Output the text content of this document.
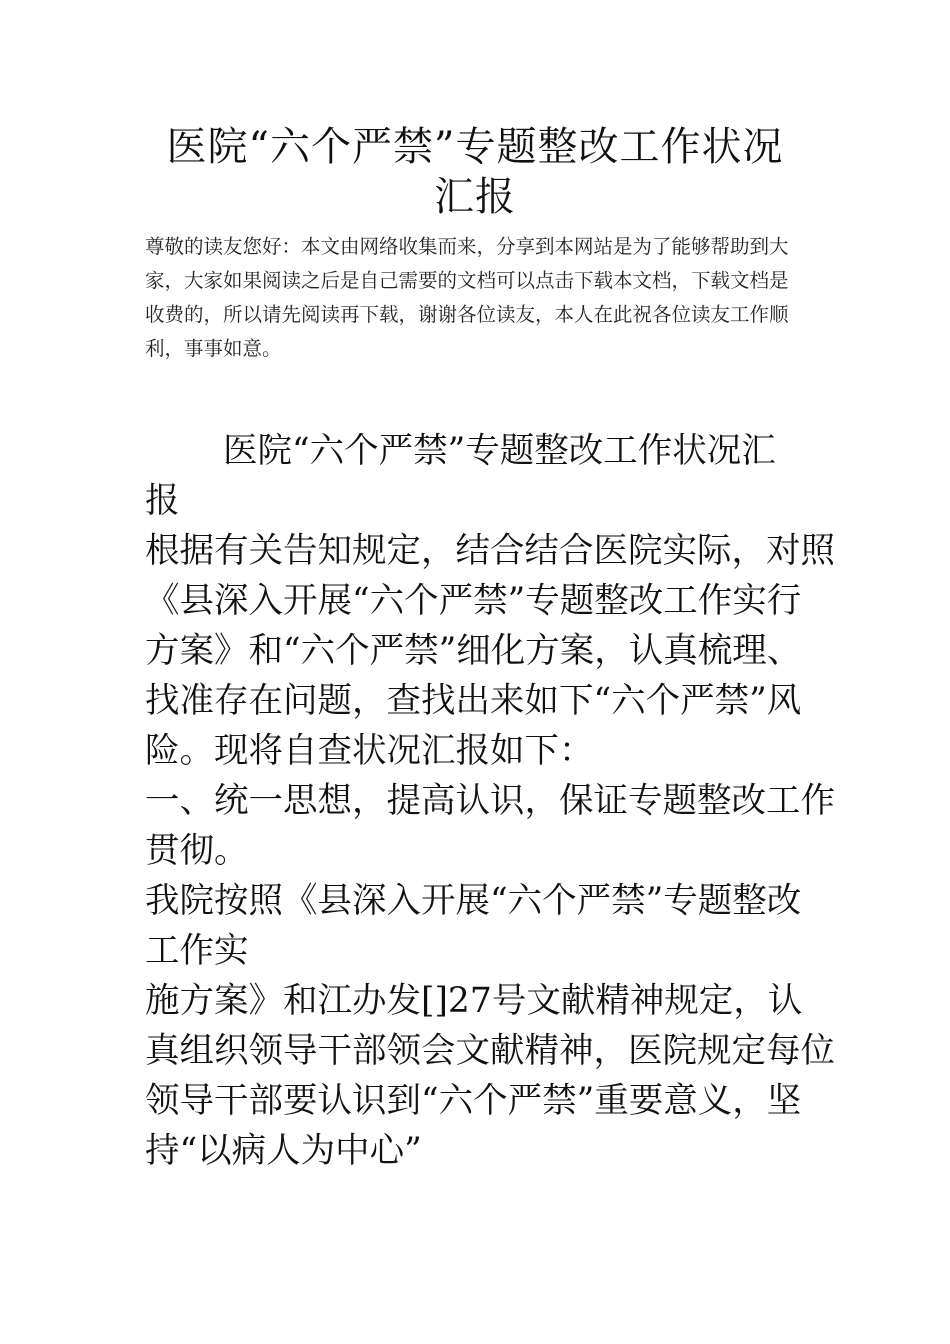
医院“六个严禁”专题整改工作状况汇报

尊敬的读友您好：本文由网络收集而来，分享到本网站是为了能够帮助到大家，大家如果阅读之后是自己需要的文档可以点击下载本文档，下载文档是收费的，所以请先阅读再下载，谢谢各位读友，本人在此祝各位读友工作顺利，事事如意。

医院“六个严禁”专题整改工作状况汇报

根据有关告知规定，结合结合医院实际，对照《县深入开展“六个严禁”专题整改工作实行方案》和“六个严禁”细化方案，认真梳理、找准存在问题，查找出来如下“六个严禁”风险。现将自查状况汇报如下：

一、统一思想，提高认识，保证专题整改工作贯彻。

我院按照《县深入开展“六个严禁”专题整改工作实

施方案》和江办发[]27号文献精神规定，认真组织领导干部领会文献精神，医院规定每位领导干部要认识到“六个严禁”重要意义，坚持“以病人为中心”
